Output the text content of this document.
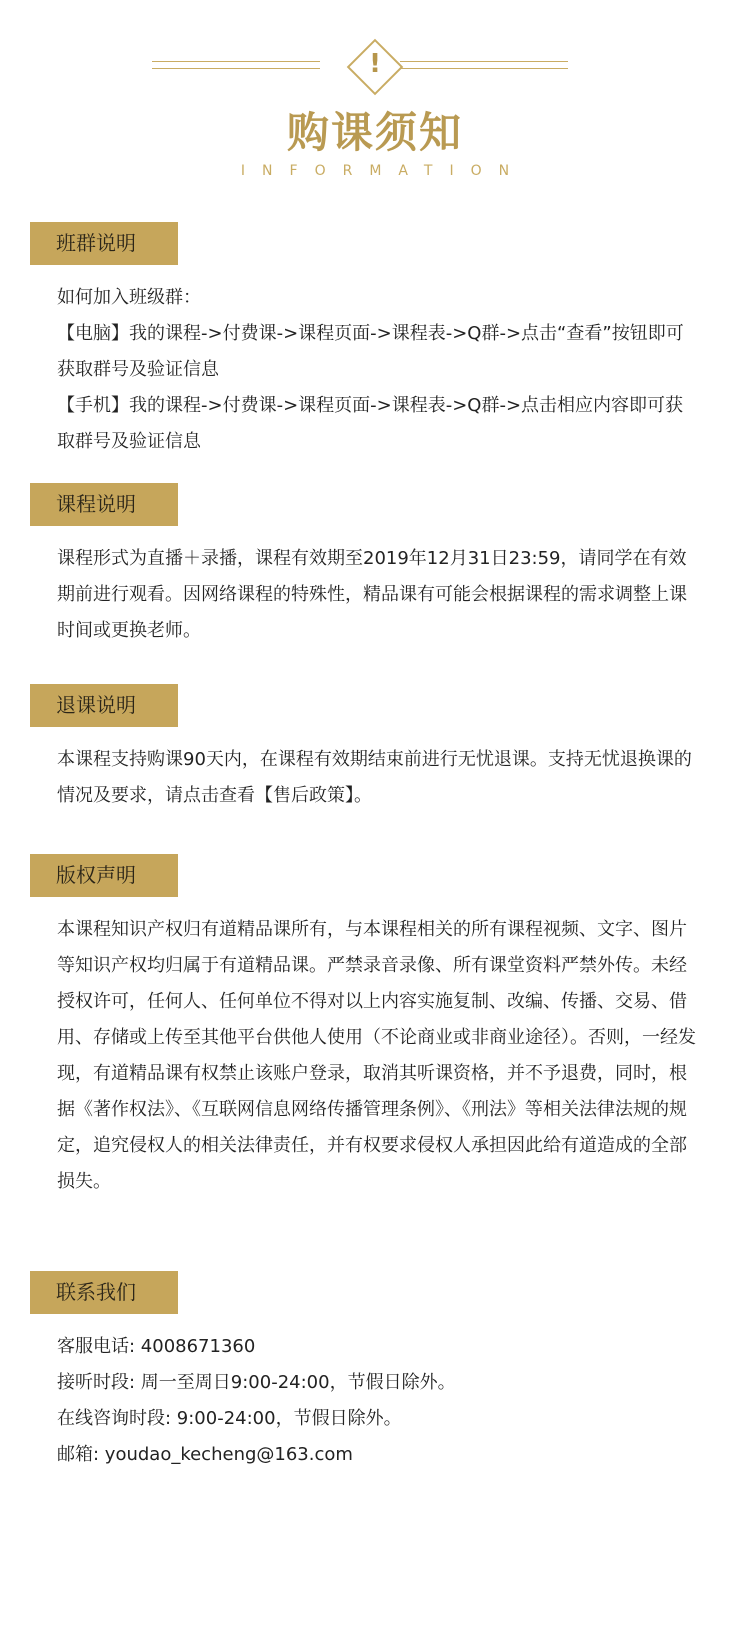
!
购课须知
INFORMATION
班群说明

如何加入班级群：

【电脑】我的课程->付费课->课程页面->课程表->Q群->点击“查看”按钮即可获取群号及验证信息

【手机】我的课程->付费课->课程页面->课程表->Q群->点击相应内容即可获取群号及验证信息

课程说明

课程形式为直播＋录播，课程有效期至2019年12月31日23:59，请同学在有效期前进行观看。因网络课程的特殊性，精品课有可能会根据课程的需求调整上课时间或更换老师。

退课说明

本课程支持购课90天内，在课程有效期结束前进行无忧退课。支持无忧退换课的情况及要求，请点击查看【售后政策】。

版权声明

本课程知识产权归有道精品课所有，与本课程相关的所有课程视频、文字、图片等知识产权均归属于有道精品课。严禁录音录像、所有课堂资料严禁外传。未经授权许可，任何人、任何单位不得对以上内容实施复制、改编、传播、交易、借用、存储或上传至其他平台供他人使用（不论商业或非商业途径）。否则，一经发现，有道精品课有权禁止该账户登录，取消其听课资格，并不予退费，同时，根据《著作权法》、《互联网信息网络传播管理条例》、《刑法》等相关法律法规的规定，追究侵权人的相关法律责任，并有权要求侵权人承担因此给有道造成的全部损失。

联系我们

客服电话: 4008671360

接听时段: 周一至周日9:00-24:00，节假日除外。

在线咨询时段: 9:00-24:00，节假日除外。

邮箱: youdao_kecheng@163.com
